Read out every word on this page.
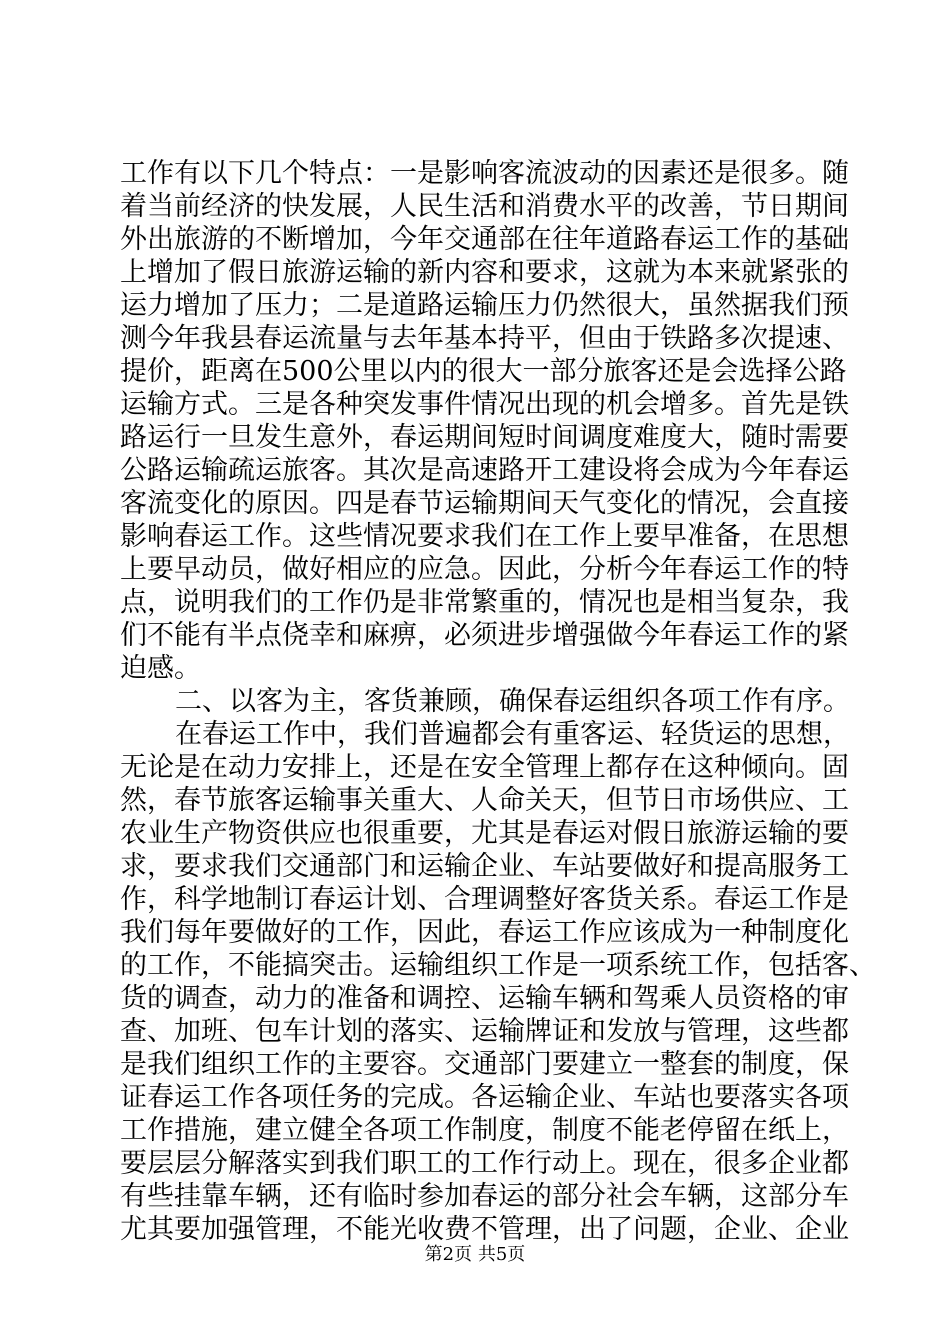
工作有以下几个特点：一是影响客流波动的因素还是很多。随
着当前经济的快发展，人民生活和消费水平的改善，节日期间
外出旅游的不断增加，今年交通部在往年道路春运工作的基础
上增加了假日旅游运输的新内容和要求，这就为本来就紧张的
运力增加了压力；二是道路运输压力仍然很大，虽然据我们预
测今年我县春运流量与去年基本持平，但由于铁路多次提速、
提价，距离在500公里以内的很大一部分旅客还是会选择公路
运输方式。三是各种突发事件情况出现的机会增多。首先是铁
路运行一旦发生意外，春运期间短时间调度难度大，随时需要
公路运输疏运旅客。其次是高速路开工建设将会成为今年春运
客流变化的原因。四是春节运输期间天气变化的情况，会直接
影响春运工作。这些情况要求我们在工作上要早准备，在思想
上要早动员，做好相应的应急。因此，分析今年春运工作的特
点，说明我们的工作仍是非常繁重的，情况也是相当复杂，我
们不能有半点侥幸和麻痹，必须进步增强做今年春运工作的紧
迫感。
二、以客为主，客货兼顾，确保春运组织各项工作有序。
在春运工作中，我们普遍都会有重客运、轻货运的思想，
无论是在动力安排上，还是在安全管理上都存在这种倾向。固
然，春节旅客运输事关重大、人命关天，但节日市场供应、工
农业生产物资供应也很重要，尤其是春运对假日旅游运输的要
求，要求我们交通部门和运输企业、车站要做好和提高服务工
作，科学地制订春运计划、合理调整好客货关系。春运工作是
我们每年要做好的工作，因此，春运工作应该成为一种制度化
的工作，不能搞突击。运输组织工作是一项系统工作，包括客、
货的调查，动力的准备和调控、运输车辆和驾乘人员资格的审
查、加班、包车计划的落实、运输牌证和发放与管理，这些都
是我们组织工作的主要容。交通部门要建立一整套的制度，保
证春运工作各项任务的完成。各运输企业、车站也要落实各项
工作措施，建立健全各项工作制度，制度不能老停留在纸上，
要层层分解落实到我们职工的工作行动上。现在，很多企业都
有些挂靠车辆，还有临时参加春运的部分社会车辆，这部分车
尤其要加强管理，不能光收费不管理，出了问题，企业、企业
第2页 共5页
